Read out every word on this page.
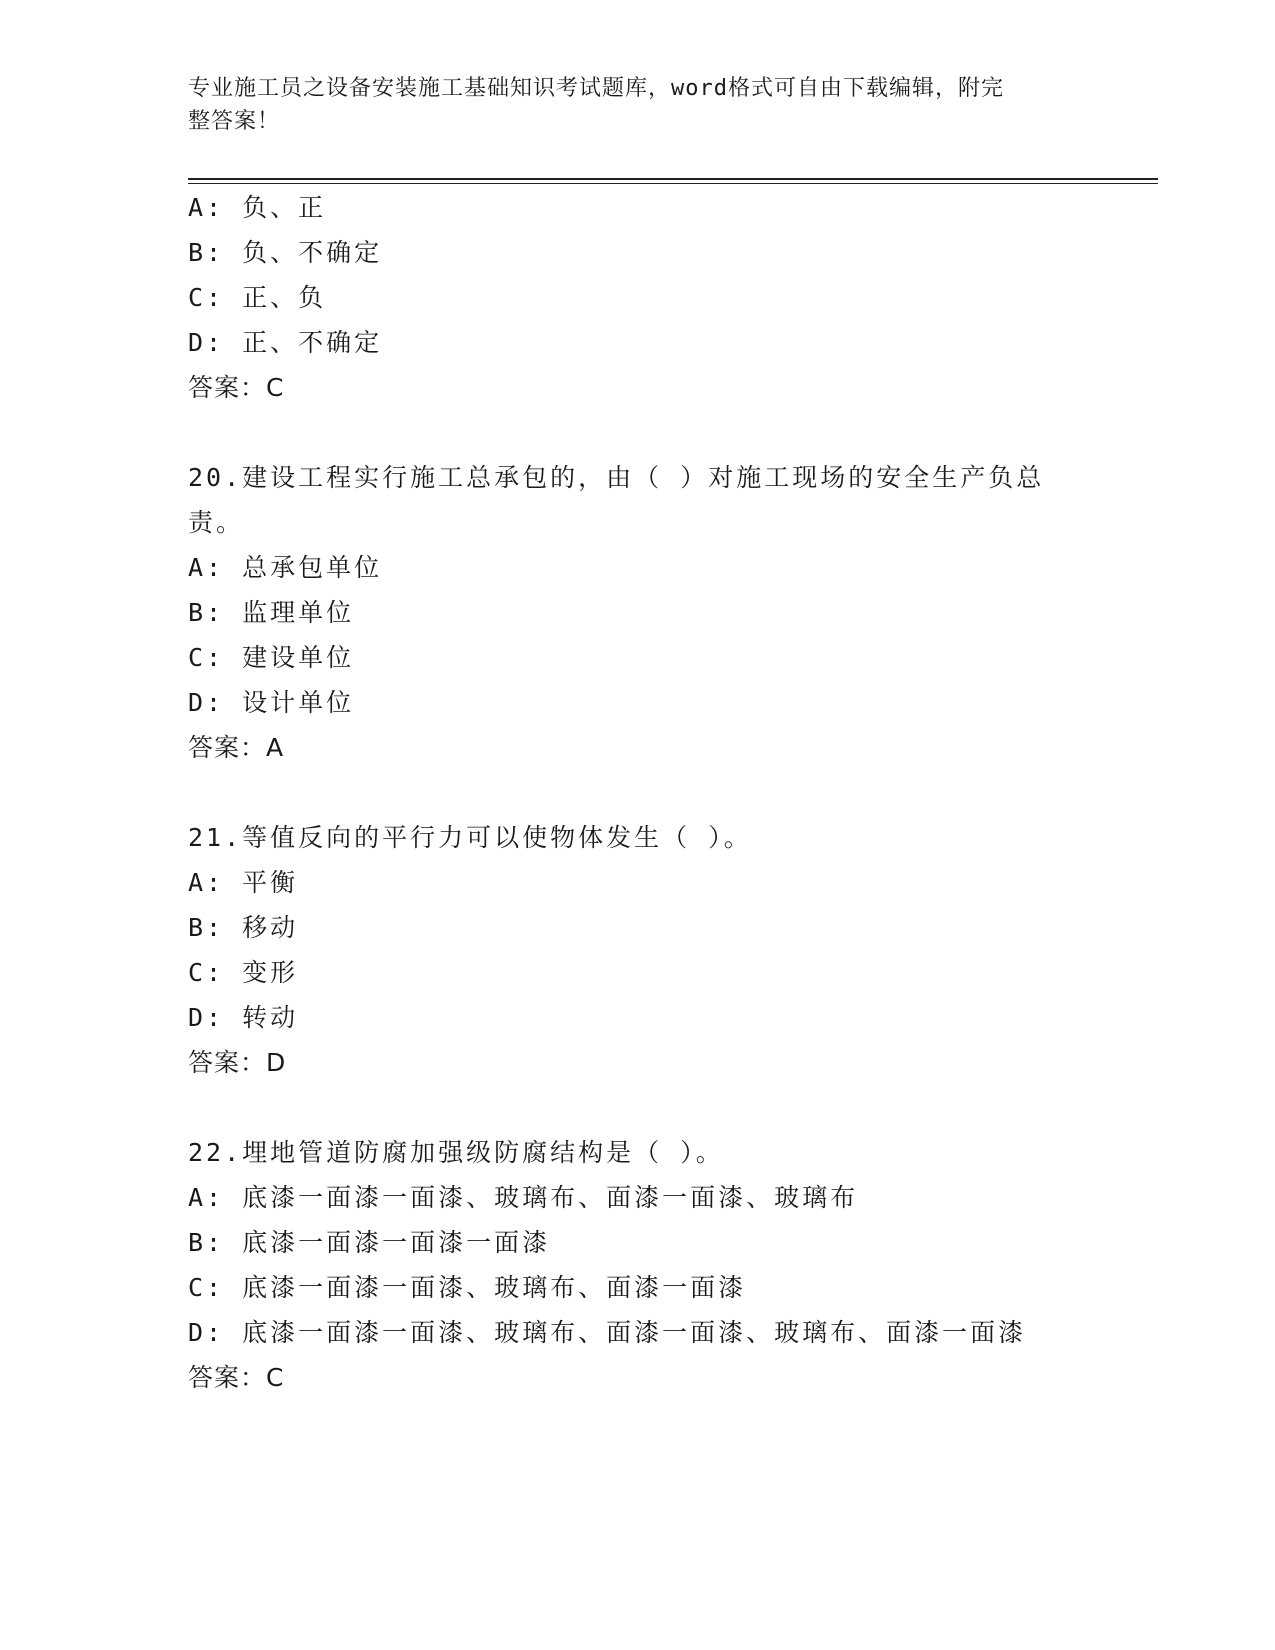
专业施工员之设备安装施工基础知识考试题库，word格式可自由下载编辑，附完
整答案！
A: 负、正
B: 负、不确定
C: 正、负
D: 正、不确定
答案：C
20.建设工程实行施工总承包的，由（ ）对施工现场的安全生产负总
责。
A: 总承包单位
B: 监理单位
C: 建设单位
D: 设计单位
答案：A
21.等值反向的平行力可以使物体发生（ ）。
A: 平衡
B: 移动
C: 变形
D: 转动
答案：D
22.埋地管道防腐加强级防腐结构是（ ）。
A: 底漆一面漆一面漆、玻璃布、面漆一面漆、玻璃布
B: 底漆一面漆一面漆一面漆
C: 底漆一面漆一面漆、玻璃布、面漆一面漆
D: 底漆一面漆一面漆、玻璃布、面漆一面漆、玻璃布、面漆一面漆
答案：C
